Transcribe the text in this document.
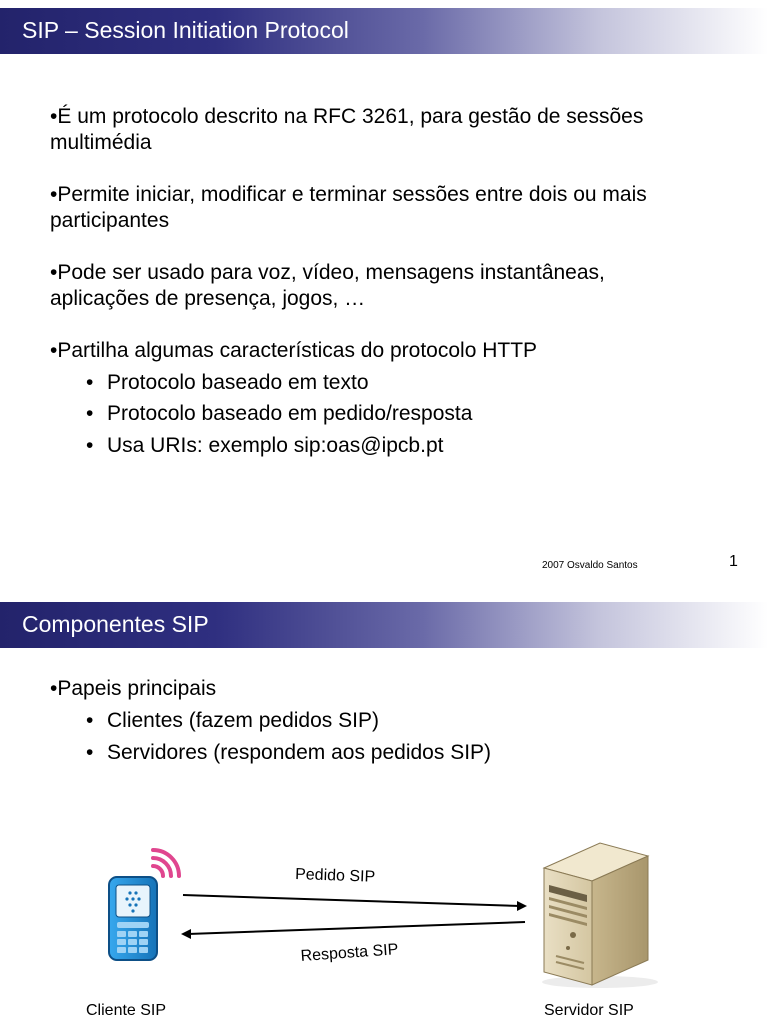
SIP – Session Initiation Protocol
•É um protocolo descrito na RFC 3261, para gestão de sessões multimédia
•Permite iniciar, modificar e terminar sessões entre dois ou mais participantes
•Pode ser usado para voz, vídeo, mensagens instantâneas, aplicações de presença, jogos, …
•Partilha algumas características do protocolo HTTP
• Protocolo baseado em texto
• Protocolo baseado em pedido/resposta
• Usa URIs: exemplo sip:oas@ipcb.pt
2007 Osvaldo Santos	1
Componentes SIP
•Papeis principais
• Clientes (fazem pedidos SIP)
• Servidores (respondem aos pedidos SIP)
Pedido SIP
Resposta SIP
Cliente SIP	Servidor SIP
